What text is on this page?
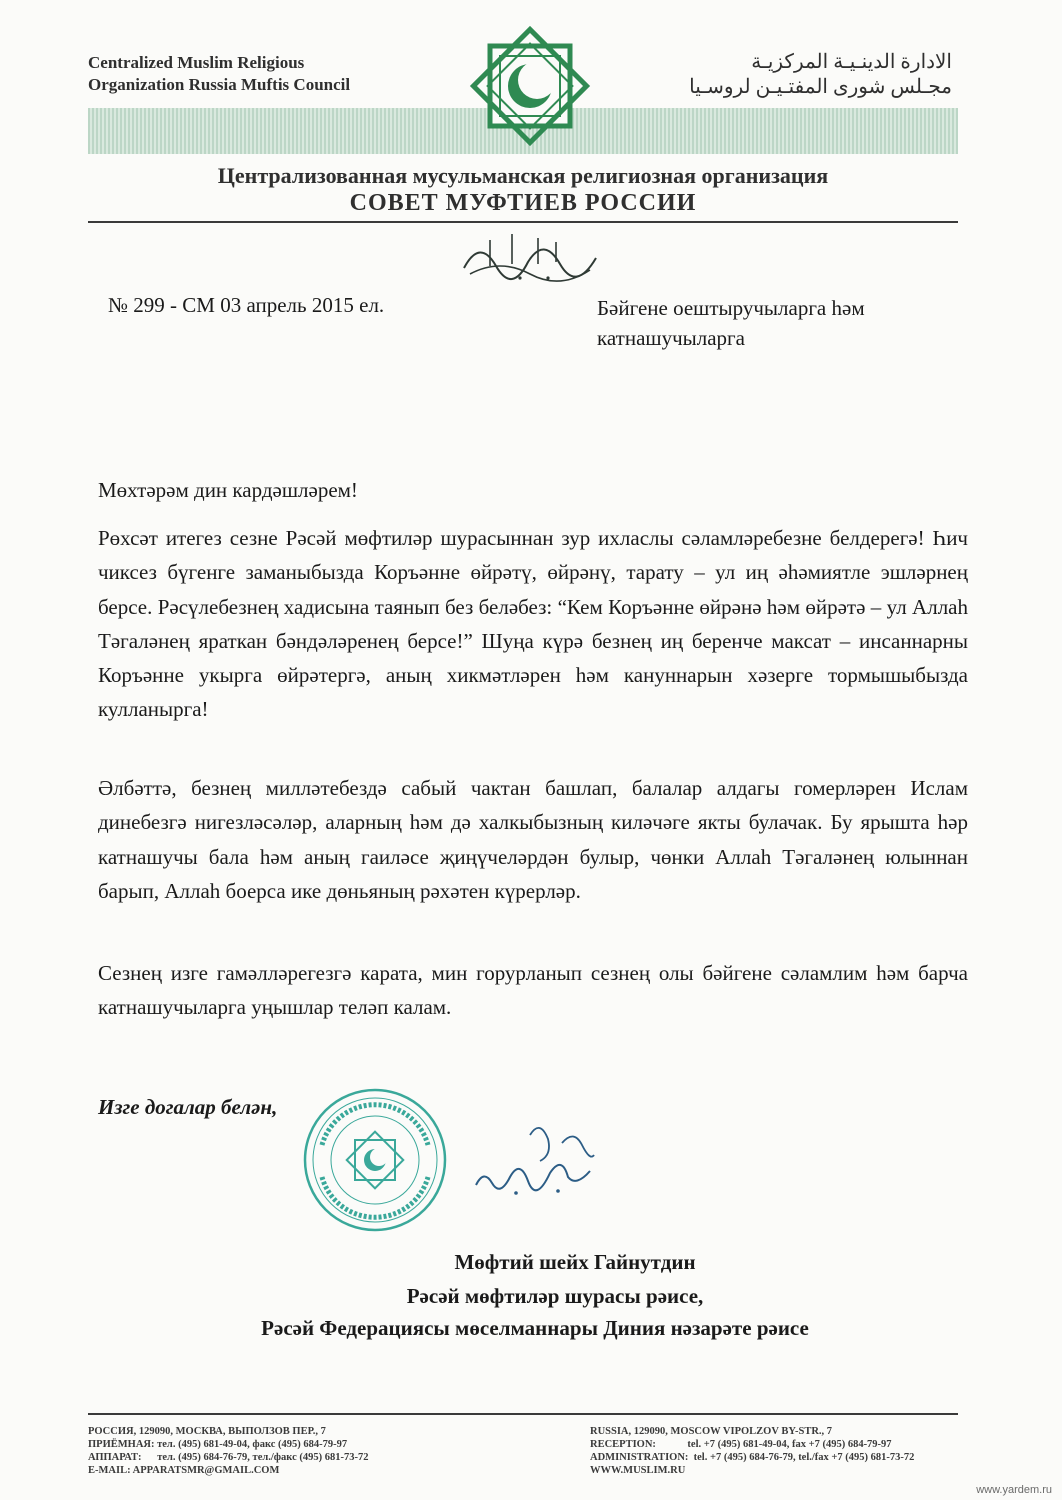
Centralized Muslim Religious
Organization Russia Muftis Council
الادارة الدينـيـة المركزيـة
مجـلس شورى المفتـيـن لروسـيا
Централизованная мусульманская религиозная организация
СОВЕТ МУФТИЕВ РОССИИ
№ 299 - СМ 03 апрель 2015 ел.	Бәйгене оештыручыларга һәм
катнашучыларга
Мөхтәрәм дин кардәшләрем!
Рөхсәт итегез сезне Рәсәй мөфтиләр шурасыннан зур ихласлы сәламләребезне белдерегә! Һич чиксез бүгенге заманыбызда Коръәнне өйрәтү, өйрәнү, тарату – ул иң әһәмиятле эшләрнең берсе. Рәсүлебезнең хадисына таянып без беләбез: “Кем Коръәнне өйрәнә һәм өйрәтә – ул Аллаһ Тәгаләнең яраткан бәндәләренең берсе!” Шуңа күрә безнең иң беренче максат – инсаннарны Коръәнне укырга өйрәтергә, аның хикмәтләрен һәм кануннарын хәзерге тормышыбызда кулланырга!
Әлбәттә, безнең милләтебездә сабый чактан башлап, балалар алдагы гомерләрен Ислам динебезгә нигезләсәләр, аларның һәм дә халкыбызның киләчәге якты булачак. Бу ярышта һәр катнашучы бала һәм аның гаиләсе җиңүчеләрдән булыр, чөнки Аллаһ Тәгаләнең юлыннан барып, Аллаһ боерса ике дөньяның рәхәтен күрерләр.
Сезнең изге гамәлләрегезгә карата, мин горурланып сезнең олы бәйгене сәламлим һәм барча катнашучыларга уңышлар теләп калам.
Изге догалар белән,
Мөфтий шейх Гайнутдин
Рәсәй мөфтиләр шурасы рәисе,
Рәсәй Федерациясы мөселманнары Диния нәзарәте рәисе
РОССИЯ, 129090, МОСКВА, ВЫПОЛЗОВ ПЕР., 7
ПРИЁМНАЯ: тел. (495) 681-49-04, факс (495) 684-79-97
АППАРАТ:      тел. (495) 684-76-79, тел./факс (495) 681-73-72
E-MAIL: APPARATSMR@GMAIL.COM
RUSSIA, 129090, MOSCOW VIPOLZOV BY-STR., 7
RECEPTION:            tel. +7 (495) 681-49-04, fax +7 (495) 684-79-97
ADMINISTRATION:  tel. +7 (495) 684-76-79, tel./fax +7 (495) 681-73-72
WWW.MUSLIM.RU
www.yardem.ru
